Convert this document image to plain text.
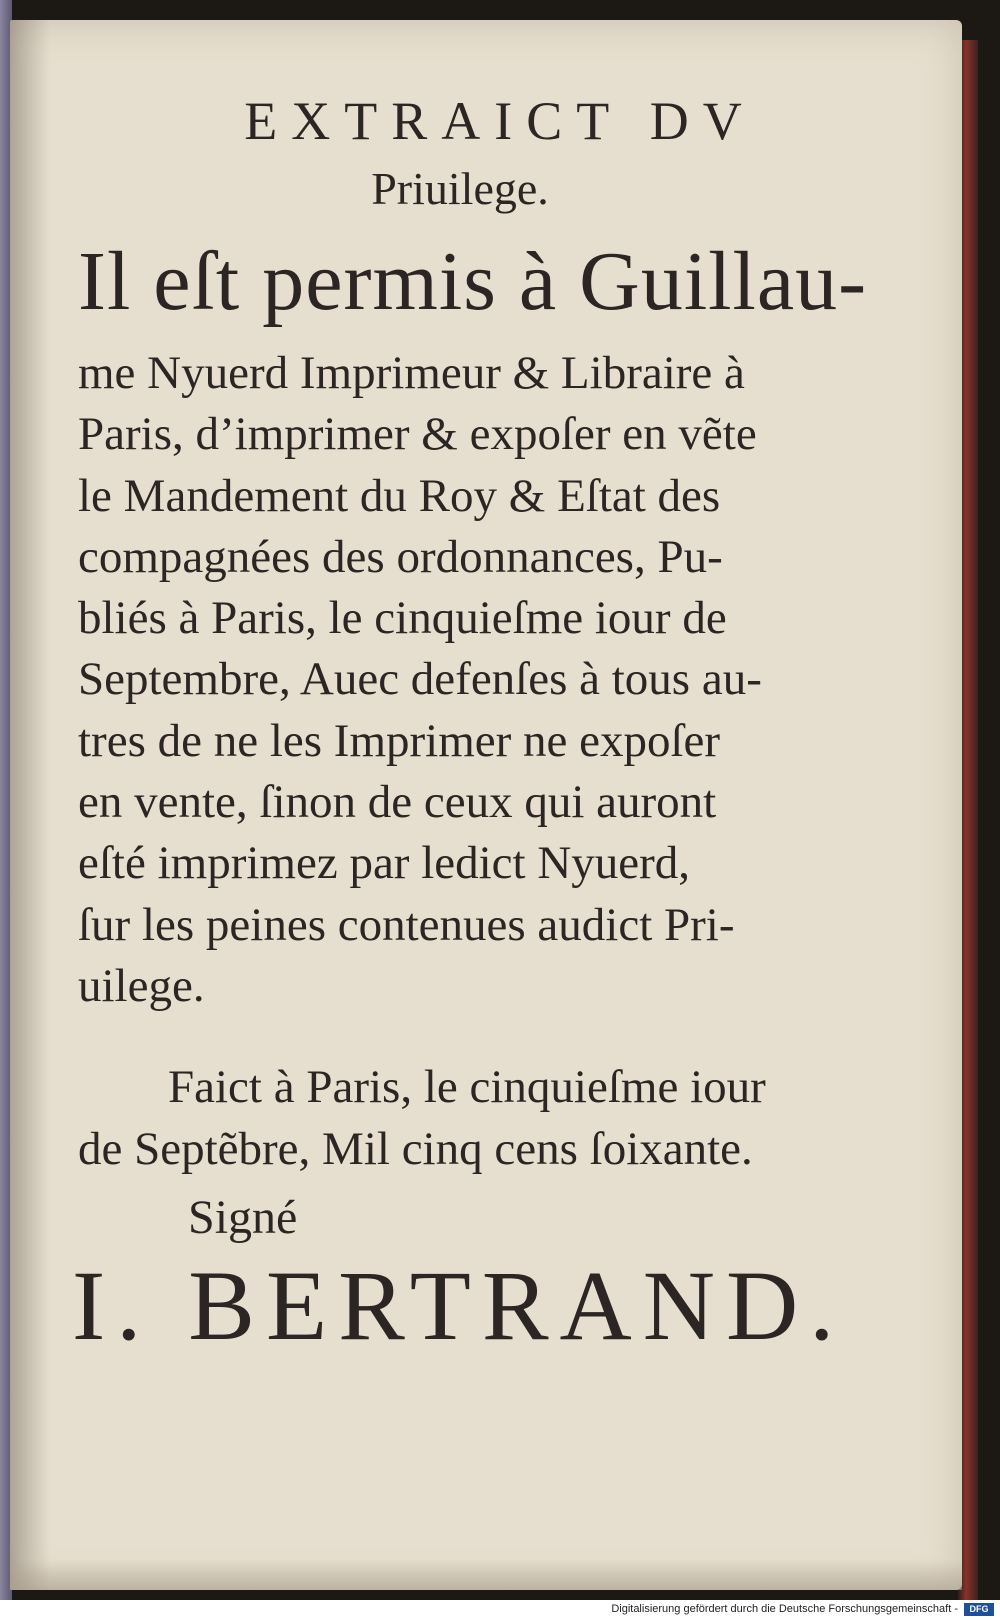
EXTRAICT DV
Priuilege.
Il eſt permis à Guillau-
me Nyuerd Imprimeur & Libraire à
Paris, d’imprimer & expoſer en vẽte
le Mandement du Roy & Eſtat des
compagnées des ordonnances, Pu-
bliés à Paris, le cinquieſme iour de
Septembre, Auec defenſes à tous au-
tres de ne les Imprimer ne expoſer
en vente, ſinon de ceux qui auront
eſté imprimez par ledict Nyuerd,
ſur les peines contenues audict Pri-
uilege.
Faict à Paris, le cinquieſme iour
de Septẽbre, Mil cinq cens ſoixante.
Signé
I. BERTRAND.
Digitalisierung gefördert durch die Deutsche Forschungsgemeinschaft -	DFG
